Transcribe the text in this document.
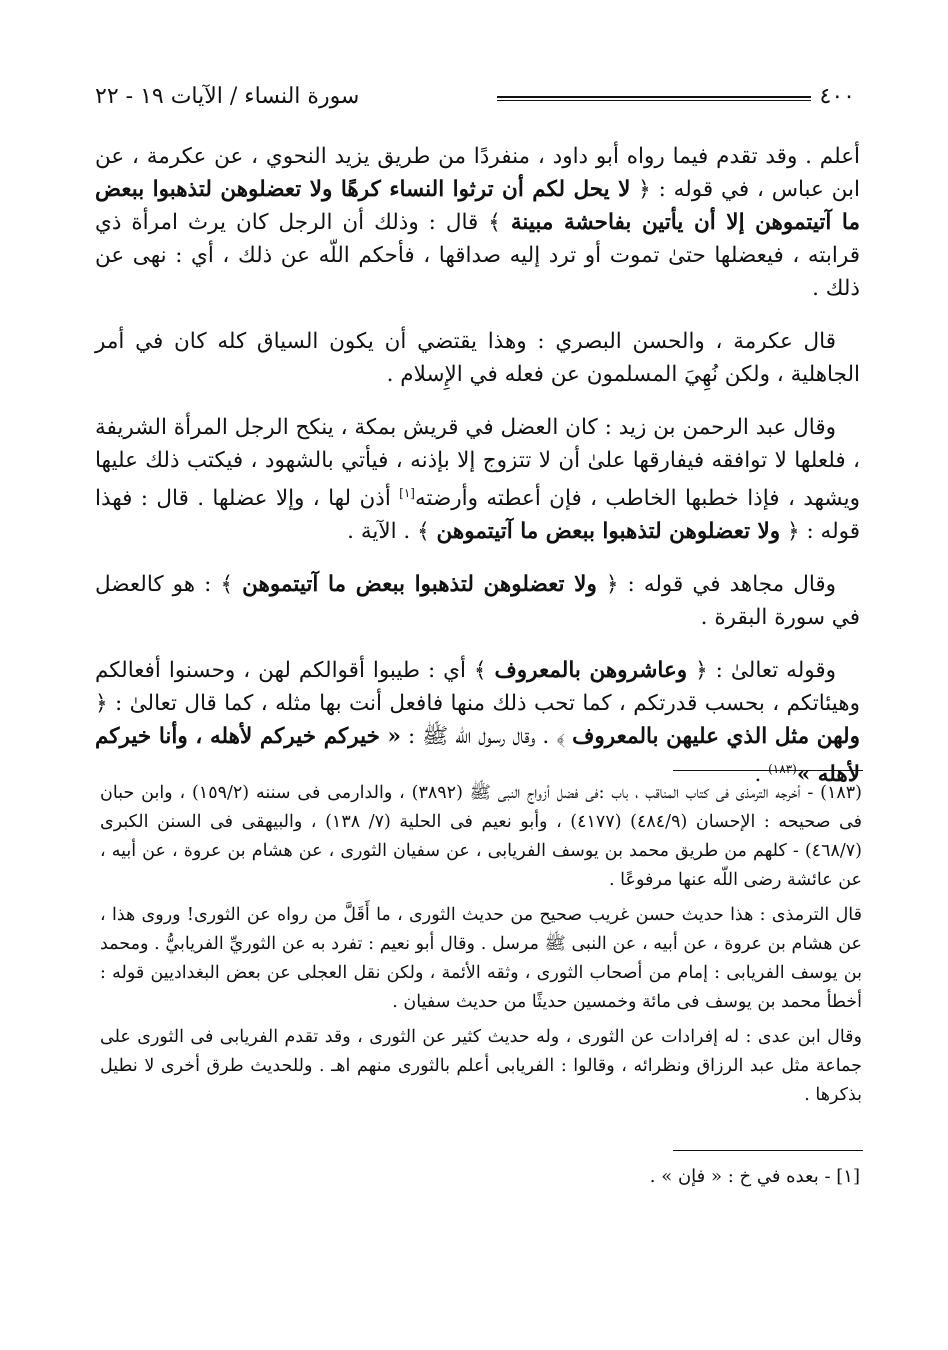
سورة النساء / الآيات ١٩ - ٢٢	٤٠٠

أعلم . وقد تقدم فيما رواه أبو داود ، منفردًا من طريق يزيد النحوي ، عن عكرمة ، عن ابن عباس ، في قوله : ﴿ لا يحل لكم أن ترثوا النساء كرهًا ولا تعضلوهن لتذهبوا ببعض ما آتيتموهن إلا أن يأتين بفاحشة مبينة ﴾ قال : وذلك أن الرجل كان يرث امرأة ذي قرابته ، فيعضلها حتىٰ تموت أو ترد إليه صداقها ، فأحكم اللّه عن ذلك ، أي : نهى عن ذلك .

قال عكرمة ، والحسن البصري : وهذا يقتضي أن يكون السياق كله كان في أمر الجاهلية ، ولكن نُهِيَ المسلمون عن فعله في الإِسلام .

وقال عبد الرحمن بن زيد : كان العضل في قريش بمكة ، ينكح الرجل المرأة الشريفة ، فلعلها لا توافقه فيفارقها علىٰ أن لا تتزوج إلا بإذنه ، فيأتي بالشهود ، فيكتب ذلك عليها ويشهد ، فإذا خطبها الخاطب ، فإن أعطته وأرضته[١] أذن لها ، وإلا عضلها . قال : فهذا قوله : ﴿ ولا تعضلوهن لتذهبوا ببعض ما آتيتموهن ﴾ . الآية .

وقال مجاهد في قوله : ﴿ ولا تعضلوهن لتذهبوا ببعض ما آتيتموهن ﴾ : هو كالعضل في سورة البقرة .

وقوله تعالىٰ : ﴿ وعاشروهن بالمعروف ﴾ أي : طيبوا أقوالكم لهن ، وحسنوا أفعالكم وهيئاتكم ، بحسب قدرتكم ، كما تحب ذلك منها فافعل أنت بها مثله ، كما قال تعالىٰ : ﴿ ولهن مثل الذي عليهن بالمعروف ﴾ . وقال رسول اللّه ﷺ : « خيركم خيركم لأهله ، وأنا خيركم لأهله »$^{(١٨٣)}$ .

(١٨٣) - أخرجه الترمذى فى كتاب المناقب ، باب :فى فضل أزواج النبى ﷺ (٣٨٩٢) ، والدارمى فى سننه (١٥٩/٢) ، وابن حبان فى صحيحه : الإحسان (٤٨٤/٩) (٤١٧٧) ، وأبو نعيم فى الحلية (٧/ ١٣٨) ، والبيهقى فى السنن الكبرى (٤٦٨/٧) - كلهم من طريق محمد بن يوسف الفريابى ، عن سفيان الثورى ، عن هشام بن عروة ، عن أبيه ، عن عائشة رضى اللّه عنها مرفوعًا .

قال الترمذى : هذا حديث حسن غريب صحيح من حديث الثورى ، ما أَقَلَّ من رواه عن الثورى! وروى هذا ، عن هشام بن عروة ، عن أبيه ، عن النبى ﷺ مرسل . وقال أبو نعيم : تفرد به عن الثوريِّ الفريابيُّ . ومحمد بن يوسف الفريابى : إمام من أصحاب الثورى ، وثقه الأئمة ، ولكن نقل العجلى عن بعض البغداديين قوله : أخطأ محمد بن يوسف فى مائة وخمسين حديثًا من حديث سفيان .

وقال ابن عدى : له إفرادات عن الثورى ، وله حديث كثير عن الثورى ، وقد تقدم الفريابى فى الثورى على جماعة مثل عبد الرزاق ونظرائه ، وقالوا : الفريابى أعلم بالثورى منهم اهـ . وللحديث طرق أخرى لا نطيل بذكرها .

[١] - بعده في خ : « فإن » .
